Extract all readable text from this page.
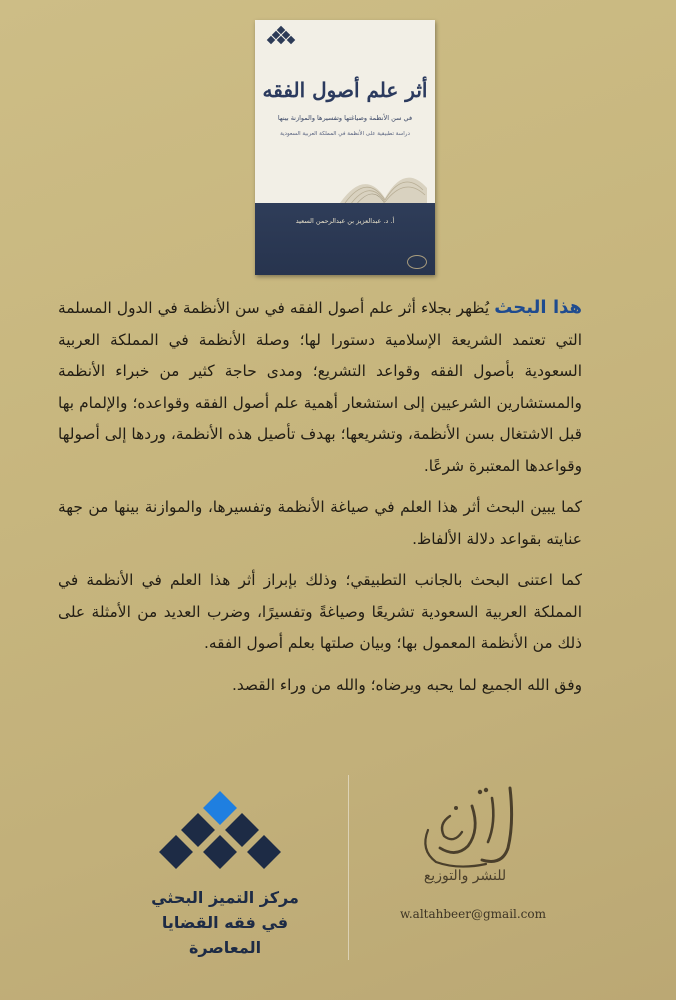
أثر علم أصول الفقه
في سن الأنظمة وصياغتها وتفسيرها والموازنة بينها
دراسة تطبيقية على الأنظمة في المملكة العربية السعودية
أ. د. عبدالعزيز بن عبدالرحمن السعيد

هذا البحث يُظهر بجلاء أثر علم أصول الفقه في سن الأنظمة في الدول المسلمة التي تعتمد الشريعة الإسلامية دستورا لها؛ وصلة الأنظمة في المملكة العربية السعودية بأصول الفقه وقواعد التشريع؛ ومدى حاجة كثير من خبراء الأنظمة والمستشارين الشرعيين إلى استشعار أهمية علم أصول الفقه وقواعده؛ والإلمام بها قبل الاشتغال بسن الأنظمة، وتشريعها؛ بهدف تأصيل هذه الأنظمة، وردها إلى أصولها وقواعدها المعتبرة شرعًا.

كما يبين البحث أثر هذا العلم في صياغة الأنظمة وتفسيرها، والموازنة بينها من جهة عنايته بقواعد دلالة الألفاظ.

كما اعتنى البحث بالجانب التطبيقي؛ وذلك بإبراز أثر هذا العلم في الأنظمة في المملكة العربية السعودية تشريعًا وصياغةً وتفسيرًا، وضرب العديد من الأمثلة على ذلك من الأنظمة المعمول بها؛ وبيان صلتها بعلم أصول الفقه.

وفق الله الجميع لما يحبه ويرضاه؛ والله من وراء القصد.

مركز التميز البحثي
في فقه القضايا المعاصرة
للنشر والتوزيع
w.altahbeer@gmail.com
